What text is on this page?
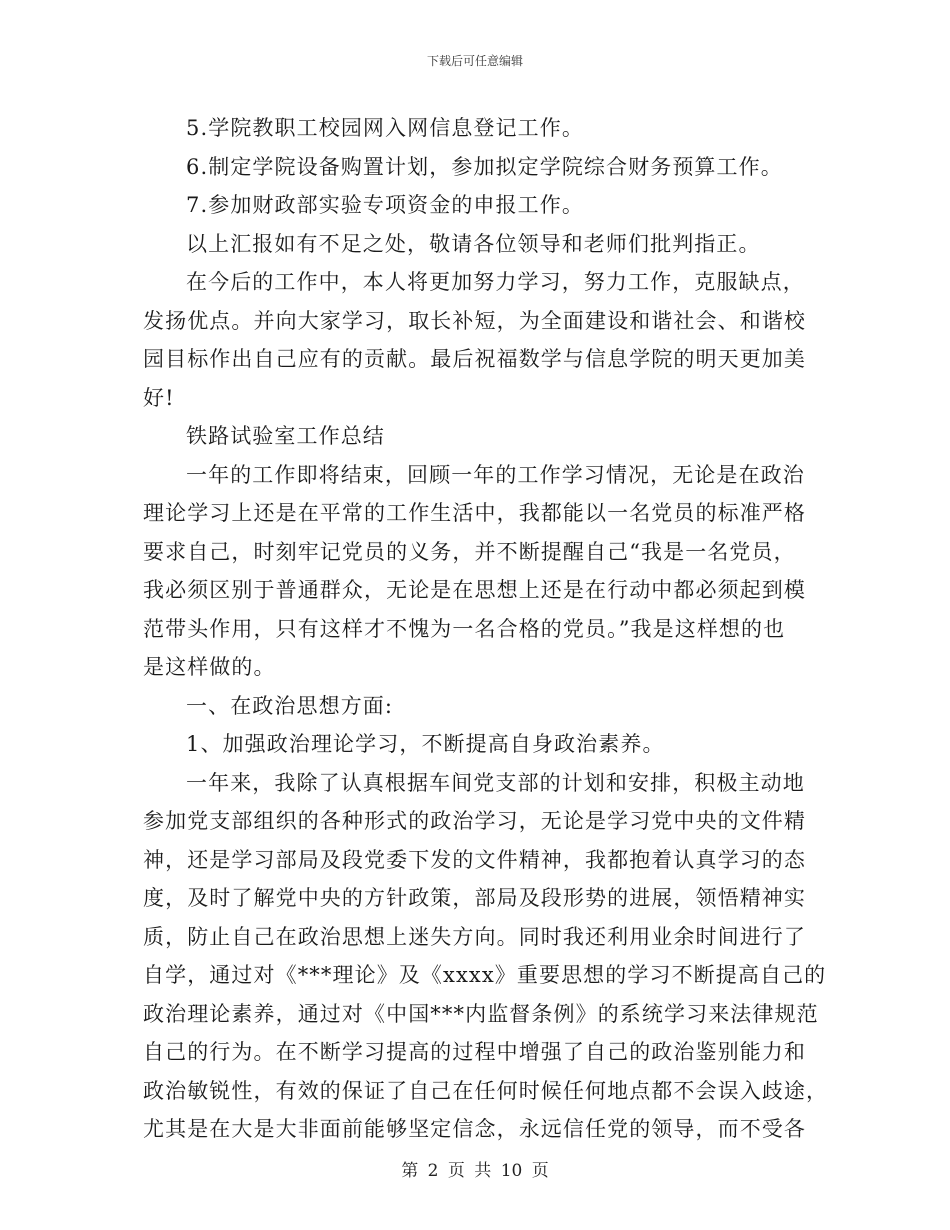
下载后可任意编辑
5.学院教职工校园网入网信息登记工作。
6.制定学院设备购置计划，参加拟定学院综合财务预算工作。
7.参加财政部实验专项资金的申报工作。
以上汇报如有不足之处，敬请各位领导和老师们批判指正。
在今后的工作中，本人将更加努力学习，努力工作，克服缺点，
发扬优点。并向大家学习，取长补短，为全面建设和谐社会、和谐校
园目标作出自己应有的贡献。最后祝福数学与信息学院的明天更加美
好!
铁路试验室工作总结
一年的工作即将结束，回顾一年的工作学习情况，无论是在政治
理论学习上还是在平常的工作生活中，我都能以一名党员的标准严格
要求自己，时刻牢记党员的义务，并不断提醒自己“我是一名党员，
我必须区别于普通群众，无论是在思想上还是在行动中都必须起到模
范带头作用，只有这样才不愧为一名合格的党员。”我是这样想的也
是这样做的。
一、在政治思想方面:
1、加强政治理论学习，不断提高自身政治素养。
一年来，我除了认真根据车间党支部的计划和安排，积极主动地
参加党支部组织的各种形式的政治学习，无论是学习党中央的文件精
神，还是学习部局及段党委下发的文件精神，我都抱着认真学习的态
度，及时了解党中央的方针政策，部局及段形势的进展，领悟精神实
质，防止自己在政治思想上迷失方向。同时我还利用业余时间进行了
自学，通过对《***理论》及《xxxx》重要思想的学习不断提高自己的
政治理论素养，通过对《中国***内监督条例》的系统学习来法律规范
自己的行为。在不断学习提高的过程中增强了自己的政治鉴别能力和
政治敏锐性，有效的保证了自己在任何时候任何地点都不会误入歧途，
尤其是在大是大非面前能够坚定信念，永远信任党的领导，而不受各
第 2 页 共 10 页
